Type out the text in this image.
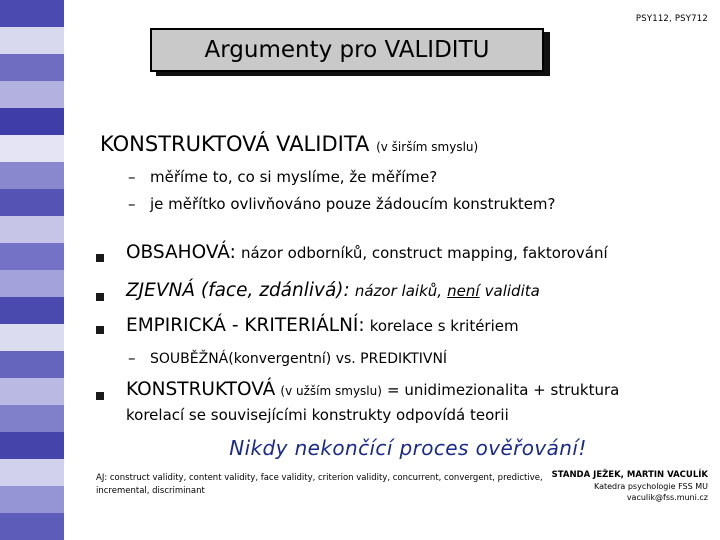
PSY112, PSY712
Argumenty pro VALIDITU
KONSTRUKTOVÁ VALIDITA (v širším smyslu)
– měříme to, co si myslíme, že měříme?
– je měřítko ovlivňováno pouze žádoucím konstruktem?
OBSAHOVÁ: názor odborníků, construct mapping, faktorování
ZJEVNÁ (face, zdánlivá): názor laiků, není validita
EMPIRICKÁ - KRITERIÁLNÍ: korelace s kritériem
– SOUBĚŽNÁ(konvergentní) vs. PREDIKTIVNÍ
KONSTRUKTOVÁ (v užším smyslu) = unidimezionalita + struktura
korelací se souvisejícími konstrukty odpovídá teorii
Nikdy nekončící proces ověřování!
AJ: construct validity, content validity, face validity, criterion validity, concurrent, convergent, predictive, incremental, discriminant
STANDA JEŽEK, MARTIN VACULÍK
Katedra psychologie FSS MU
vaculik@fss.muni.cz
